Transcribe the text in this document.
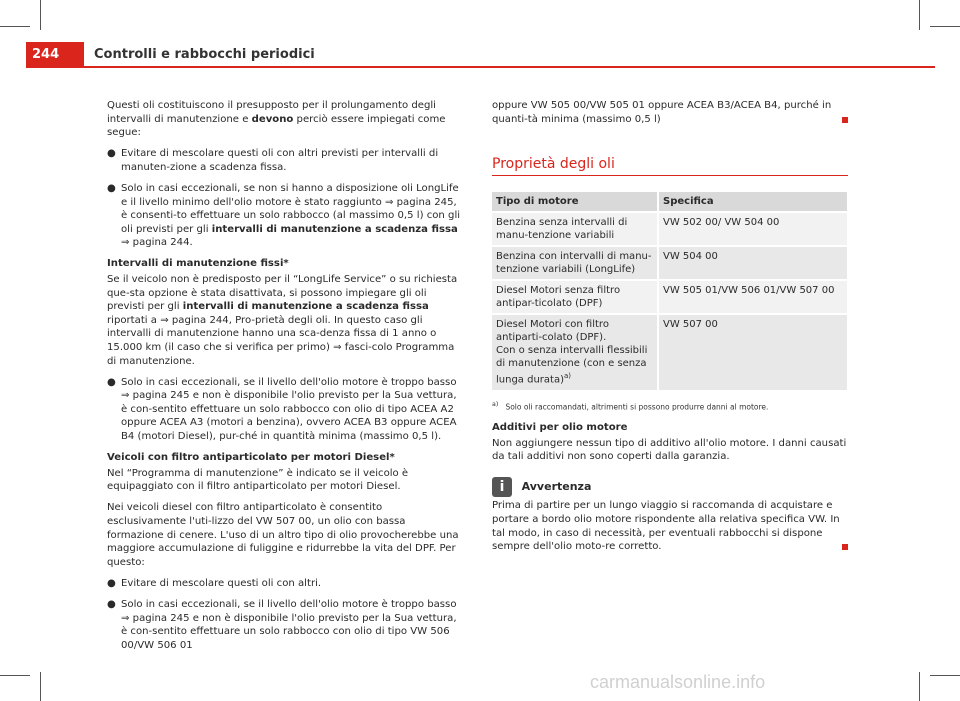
244	Controlli e rabbocchi periodici

Questi oli costituiscono il presupposto per il prolungamento degli intervalli di manutenzione e devono perciò essere impiegati come segue:

● Evitare di mescolare questi oli con altri previsti per intervalli di manuten-zione a scadenza fissa.

● Solo in casi eccezionali, se non si hanno a disposizione oli LongLife e il livello minimo dell'olio motore è stato raggiunto ⇒ pagina 245, è consenti-to effettuare un solo rabbocco (al massimo 0,5 l) con gli oli previsti per gli intervalli di manutenzione a scadenza fissa ⇒ pagina 244.

Intervalli di manutenzione fissi*

Se il veicolo non è predisposto per il “LongLife Service” o su richiesta que-sta opzione è stata disattivata, si possono impiegare gli oli previsti per gli intervalli di manutenzione a scadenza fissa riportati a ⇒ pagina 244, Pro-prietà degli oli. In questo caso gli intervalli di manutenzione hanno una sca-denza fissa di 1 anno o 15.000 km (il caso che si verifica per primo) ⇒ fasci-colo Programma di manutenzione.

● Solo in casi eccezionali, se il livello dell'olio motore è troppo basso ⇒ pagina 245 e non è disponibile l'olio previsto per la Sua vettura, è con-sentito effettuare un solo rabbocco con olio di tipo ACEA A2 oppure ACEA A3 (motori a benzina), ovvero ACEA B3 oppure ACEA B4 (motori Diesel), pur-ché in quantità minima (massimo 0,5 l).

Veicoli con filtro antiparticolato per motori Diesel*

Nel “Programma di manutenzione” è indicato se il veicolo è equipaggiato con il filtro antiparticolato per motori Diesel.

Nei veicoli diesel con filtro antiparticolato è consentito esclusivamente l'uti-lizzo del VW 507 00, un olio con bassa formazione di cenere. L'uso di un altro tipo di olio provocherebbe una maggiore accumulazione di fuliggine e ridurrebbe la vita del DPF. Per questo:

● Evitare di mescolare questi oli con altri.

● Solo in casi eccezionali, se il livello dell'olio motore è troppo basso ⇒ pagina 245 e non è disponibile l'olio previsto per la Sua vettura, è con-sentito effettuare un solo rabbocco con olio di tipo VW 506 00/VW 506 01

oppure VW 505 00/VW 505 01 oppure ACEA B3/ACEA B4, purché in quanti-tà minima (massimo 0,5 l)

Proprietà degli oli
Tipo di motore	Specifica
Benzina senza intervalli di manu-tenzione variabili	VW 502 00/ VW 504 00
Benzina con intervalli di manu-tenzione variabili (LongLife)	VW 504 00
Diesel Motori senza filtro antipar-ticolato (DPF)	VW 505 01/VW 506 01/VW 507 00
Diesel Motori con filtro antiparti-colato (DPF).
Con o senza intervalli flessibili di manutenzione (con e senza lunga durata)$^{a)}$	VW 507 00

$^{a)}$ Solo oli raccomandati, altrimenti si possono produrre danni al motore.

Additivi per olio motore

Non aggiungere nessun tipo di additivo all'olio motore. I danni causati da tali additivi non sono coperti dalla garanzia.

i Avvertenza

Prima di partire per un lungo viaggio si raccomanda di acquistare e portare a bordo olio motore rispondente alla relativa specifica VW. In tal modo, in caso di necessità, per eventuali rabbocchi si dispone sempre dell'olio moto-re corretto.

carmanualsonline.info
